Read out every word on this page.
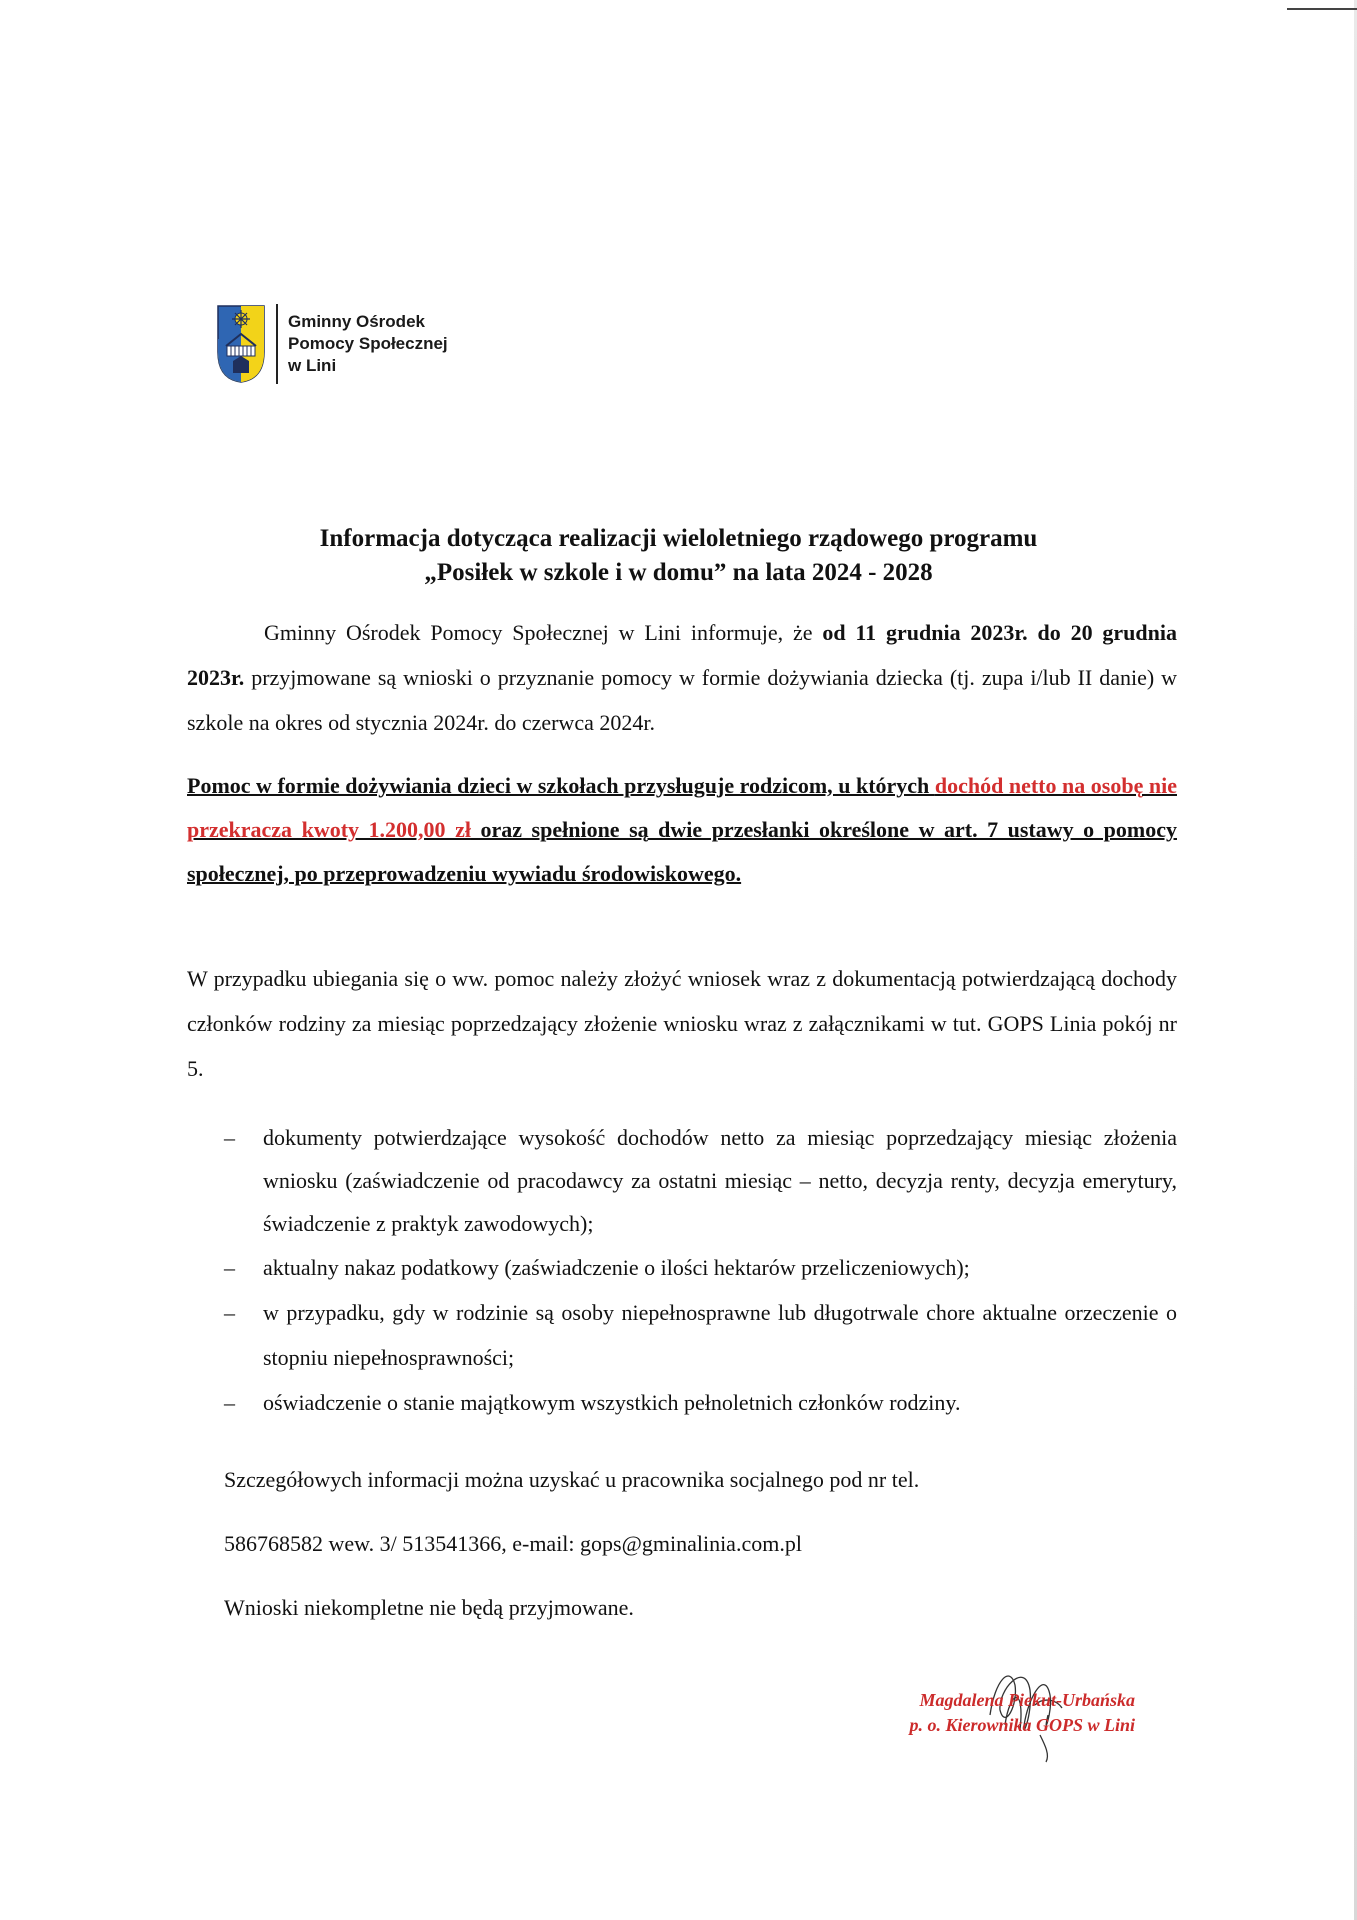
Gminny Ośrodek
Pomocy Społecznej
w Lini
Informacja dotycząca realizacji wieloletniego rządowego programu
„Posiłek w szkole i w domu” na lata 2024 - 2028
Gminny Ośrodek Pomocy Społecznej w Lini informuje, że od 11 grudnia 2023r. do 20 grudnia 2023r. przyjmowane są wnioski o przyznanie pomocy w formie dożywiania dziecka (tj. zupa i/lub II danie) w szkole na okres od stycznia 2024r. do czerwca 2024r.
Pomoc w formie dożywiania dzieci w szkołach przysługuje rodzicom, u których dochód netto na osobę nie przekracza kwoty 1.200,00 zł oraz spełnione są dwie przesłanki określone w art. 7 ustawy o pomocy społecznej, po przeprowadzeniu wywiadu środowiskowego.
W przypadku ubiegania się o ww. pomoc należy złożyć wniosek wraz z dokumentacją potwierdzającą dochody członków rodziny za miesiąc poprzedzający złożenie wniosku wraz z załącznikami w tut. GOPS Linia pokój nr 5.
– dokumenty potwierdzające wysokość dochodów netto za miesiąc poprzedzający miesiąc złożenia wniosku (zaświadczenie od pracodawcy za ostatni miesiąc – netto, decyzja renty, decyzja emerytury, świadczenie z praktyk zawodowych);
– aktualny nakaz podatkowy (zaświadczenie o ilości hektarów przeliczeniowych);
– w przypadku, gdy w rodzinie są osoby niepełnosprawne lub długotrwale chore aktualne orzeczenie o stopniu niepełnosprawności;
– oświadczenie o stanie majątkowym wszystkich pełnoletnich członków rodziny.
Szczegółowych informacji można uzyskać u pracownika socjalnego pod nr tel.
586768582 wew. 3/ 513541366, e-mail: gops@gminalinia.com.pl
Wnioski niekompletne nie będą przyjmowane.
Magdalena Piekut-Urbańska
p. o. Kierownika GOPS w Lini
